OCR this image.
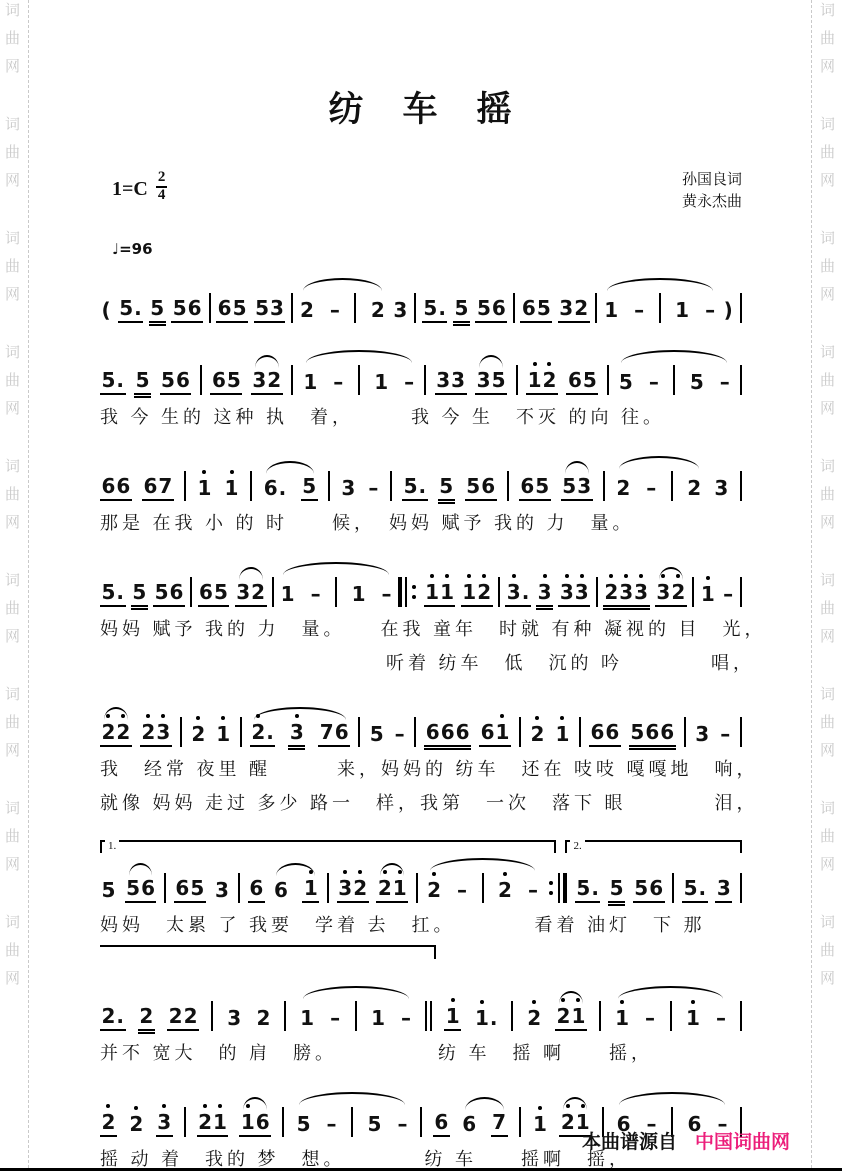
词
曲
网
词
曲
网
词
曲
网
词
曲
网
词
曲
网
词
曲
网
词
曲
网
词
曲
网
词
曲
网
词
曲
网
词
曲
网
词
曲
网
词
曲
网
词
曲
网
词
曲
网
词
曲
网
词
曲
网
词
曲
网
纺　车　摇
$1=C \frac{2}{4}$	孙国良词
黄永杰曲
♩=96
( 5 . 5 5 6 6 5 5 3 2 – 2 3 5 . 5 5 6 6 5 3 2 1 – 1 – )
5 . 5 5 6 6 5 3 2 1 – 1 – 3 3 3 5 1 2 6 5 5 – 5 –
我 今 生的 这种 执　着，　　　我 今 生　不灭 的向 往。
6 6 6 7 1 1 6 . 5 3 – 5 . 5 5 6 6 5 5 3 2 – 2 3
那是 在我 小 的 时　　候，　妈妈 赋予 我的 力　量。
5 . 5 5 6 6 5 3 2 1 – 1 – 1 1 1 2 3 . 3 3 3 2 3 3 3 2 1 –
妈妈 赋予 我的 力　量。　　在我 童年　时就 有种 凝视的 目　光，
　　　　　　　　　　　　　听着 纺车　低　沉的 吟　　　　唱，
2 2 2 3 2 1 2 . 3 7 6 5 – 6 6 6 6 1 2 1 6 6 5 6 6 3 –
我　经常 夜里 醒　　　来，妈妈的 纺车　还在 吱吱 嘎嘎地　响，
就像 妈妈 走过 多少 路一　样，我第　一次　落下 眼　　　　泪，
1.	2.
5 5 6 6 5 3 6 6 1 3 2 2 1 2 – 2 – 5 . 5 5 6 5 . 3
妈妈　太累 了 我要　学着 去　扛。　　　　看着 油灯　下 那
2 . 2 2 2 3 2 1 – 1 – 1 1 . 2 2 1 1 – 1 –
并不 宽大　的 肩　膀。　　　　　纺 车　摇 啊　　摇，
2 2 3 2 1 1 6 5 – 5 – 6 6 7 1 2 1 6 – 6 –
摇 动 着　我的 梦　想。　　　　纺 车　　摇啊　摇，
本曲谱源自 中国词曲网
